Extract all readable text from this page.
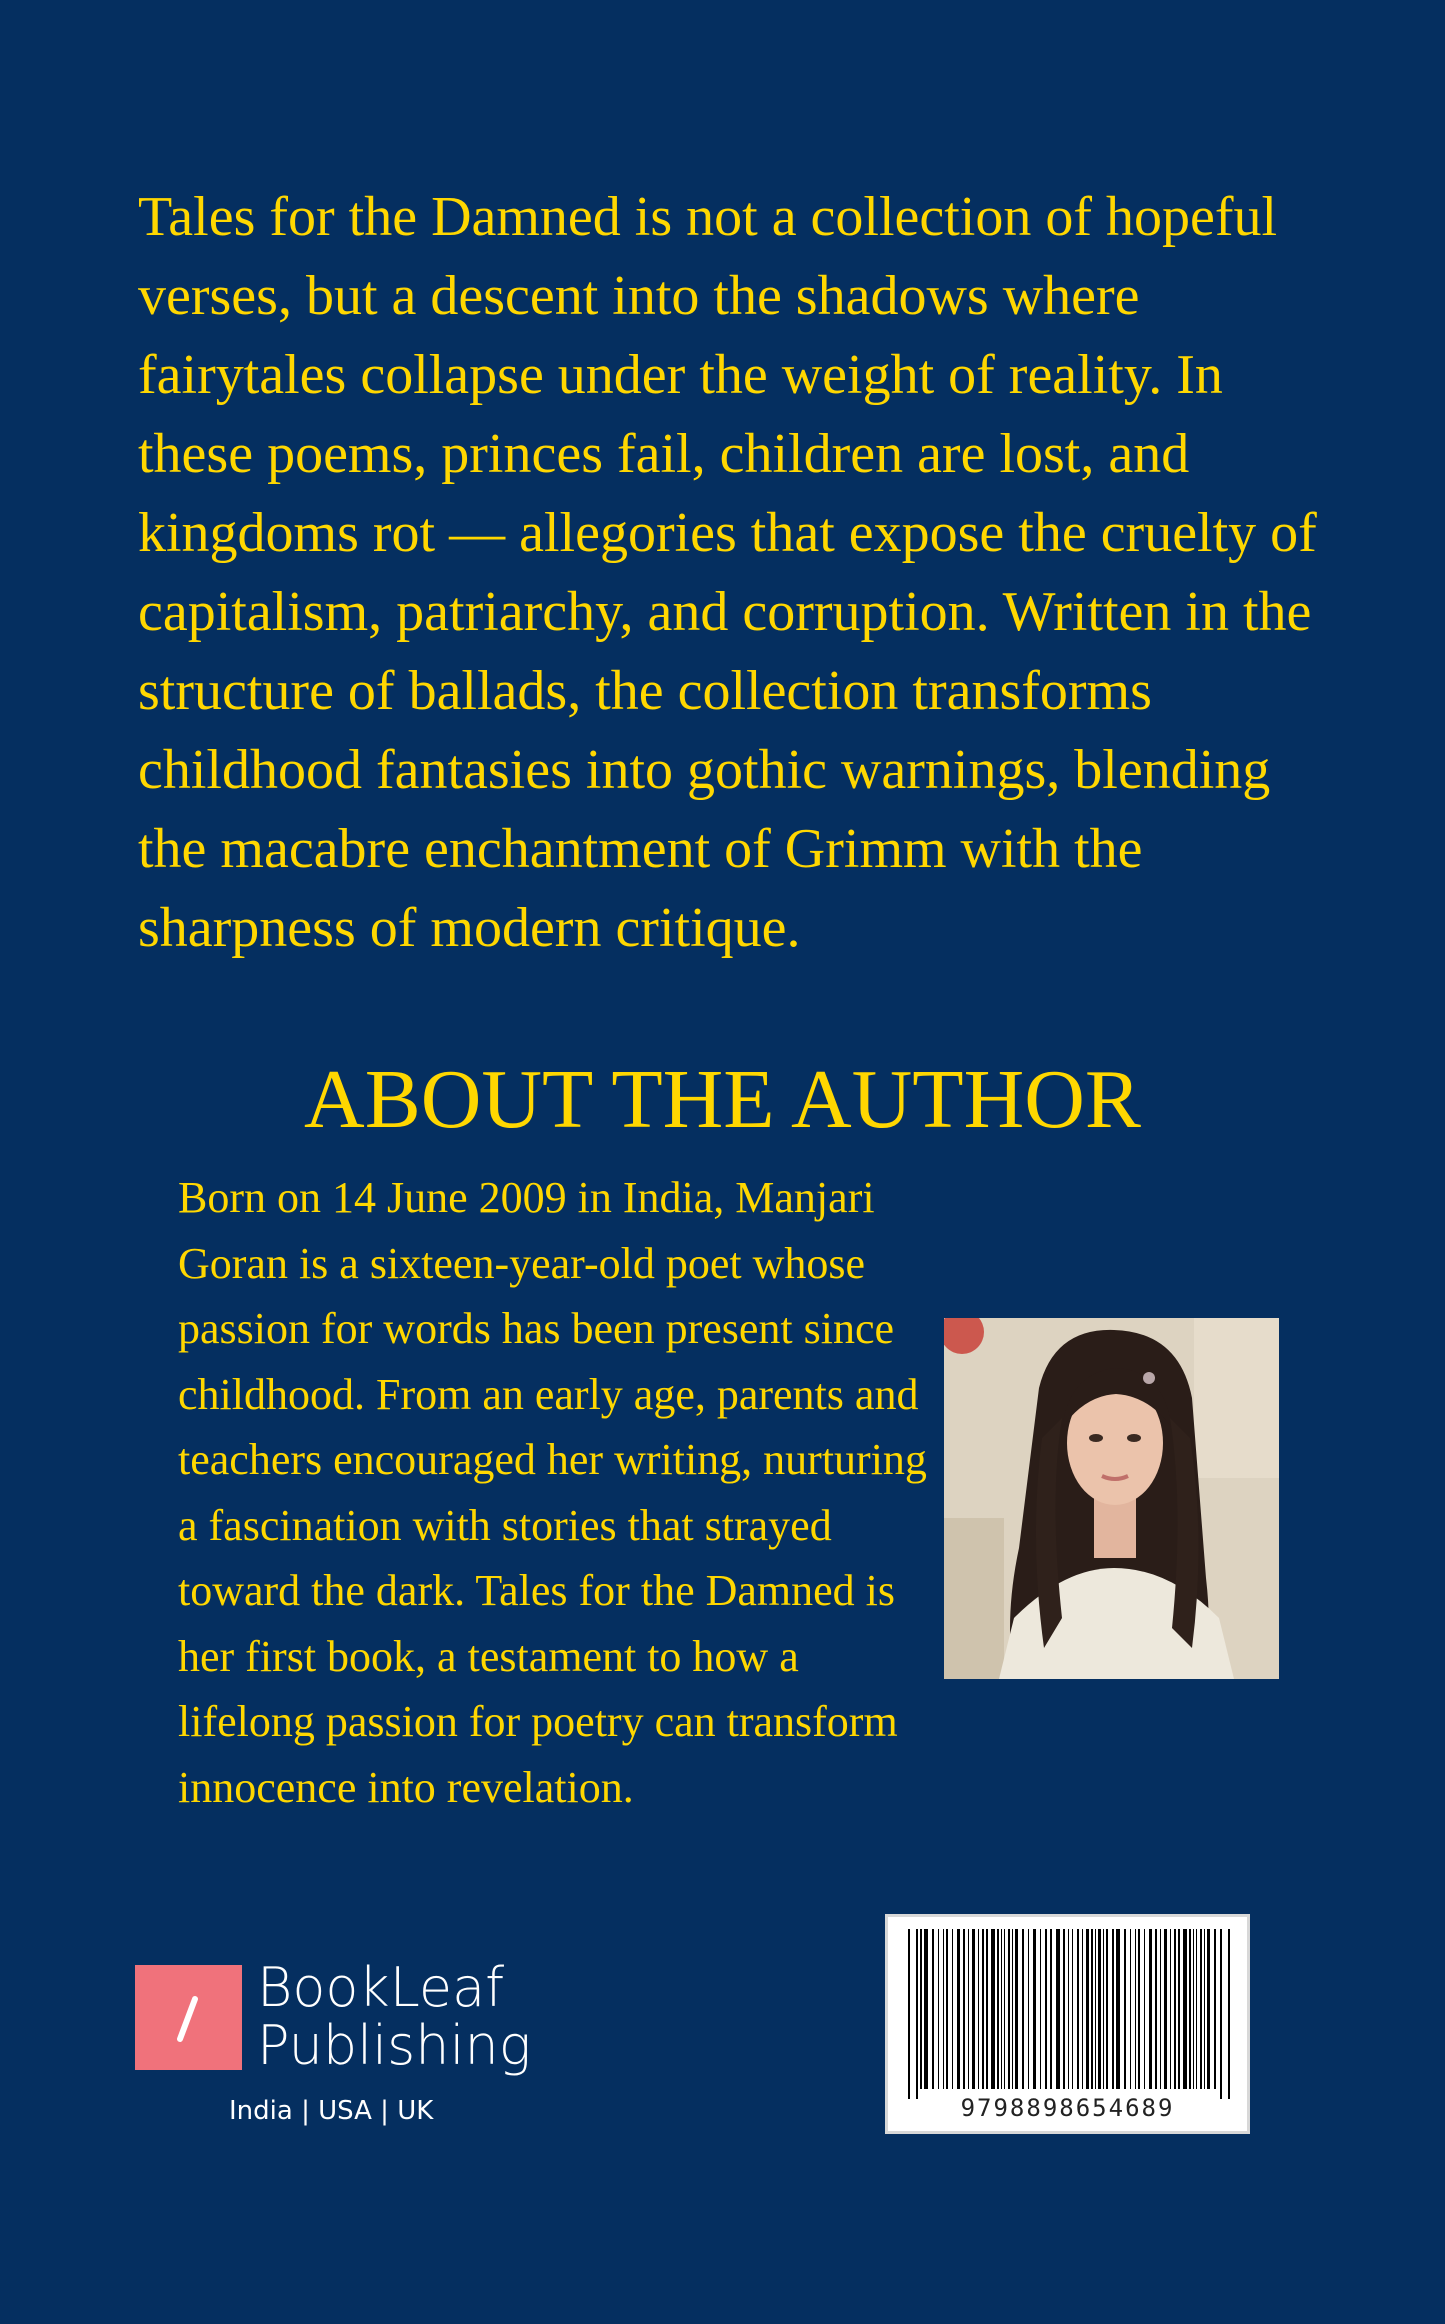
Tales for the Damned is not a collection of hopeful verses, but a descent into the shadows where fairytales collapse under the weight of reality. In these poems, princes fail, children are lost, and kingdoms rot — allegories that expose the cruelty of capitalism, patriarchy, and corruption. Written in the structure of ballads, the collection transforms childhood fantasies into gothic warnings, blending the macabre enchantment of Grimm with the sharpness of modern critique.

ABOUT THE AUTHOR

Born on 14 June 2009 in India, Manjari Goran is a sixteen-year-old poet whose passion for words has been present since childhood. From an early age, parents and teachers encouraged her writing, nurturing a fascination with stories that strayed toward the dark. Tales for the Damned is her first book, a testament to how a lifelong passion for poetry can transform innocence into revelation.

BookLeaf
Publishing
India | USA | UK	9798898654689
